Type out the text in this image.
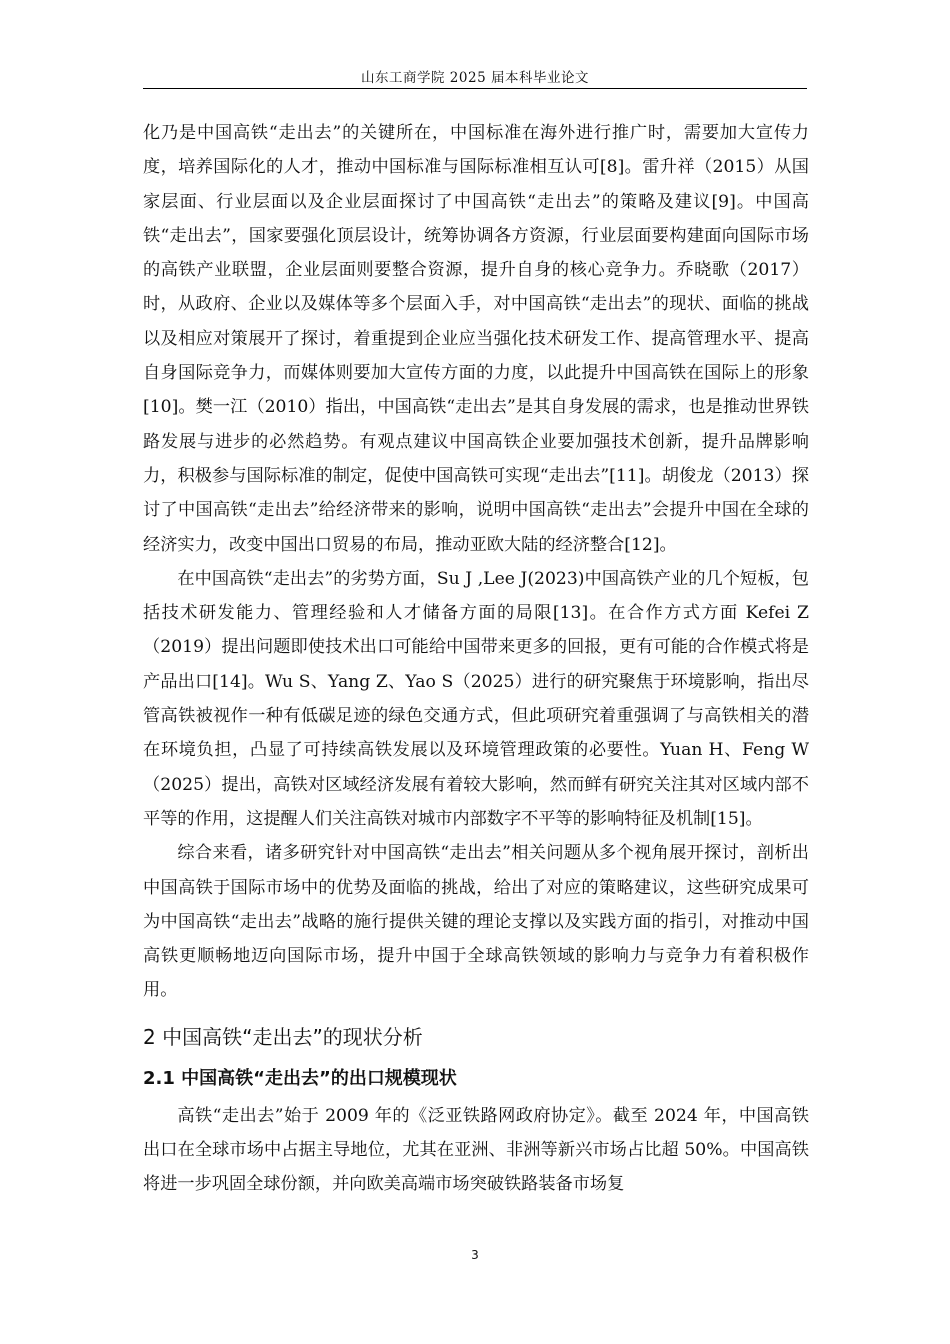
山东工商学院 2025 届本科毕业论文

化乃是中国高铁“走出去”的关键所在，中国标准在海外进行推广时，需要加大宣传力度，培养国际化的人才，推动中国标准与国际标准相互认可[8]。雷升祥（2015）从国家层面、行业层面以及企业层面探讨了中国高铁“走出去”的策略及建议[9]。中国高铁“走出去”，国家要强化顶层设计，统筹协调各方资源，行业层面要构建面向国际市场的高铁产业联盟，企业层面则要整合资源，提升自身的核心竞争力。乔晓歌（2017）时，从政府、企业以及媒体等多个层面入手，对中国高铁“走出去”的现状、面临的挑战以及相应对策展开了探讨，着重提到企业应当强化技术研发工作、提高管理水平、提高自身国际竞争力，而媒体则要加大宣传方面的力度，以此提升中国高铁在国际上的形象[10]。樊一江（2010）指出，中国高铁“走出去”是其自身发展的需求，也是推动世界铁路发展与进步的必然趋势。有观点建议中国高铁企业要加强技术创新，提升品牌影响力，积极参与国际标准的制定，促使中国高铁可实现“走出去”[11]。胡俊龙（2013）探讨了中国高铁“走出去”给经济带来的影响，说明中国高铁“走出去”会提升中国在全球的经济实力，改变中国出口贸易的布局，推动亚欧大陆的经济整合[12]。

在中国高铁“走出去”的劣势方面，Su J ,Lee J(2023)中国高铁产业的几个短板，包括技术研发能力、管理经验和人才储备方面的局限[13]。在合作方式方面 Kefei Z（2019）提出问题即使技术出口可能给中国带来更多的回报，更有可能的合作模式将是产品出口[14]。Wu S、Yang Z、Yao S（2025）进行的研究聚焦于环境影响，指出尽管高铁被视作一种有低碳足迹的绿色交通方式，但此项研究着重强调了与高铁相关的潜在环境负担，凸显了可持续高铁发展以及环境管理政策的必要性。Yuan H、Feng W（2025）提出，高铁对区域经济发展有着较大影响，然而鲜有研究关注其对区域内部不平等的作用，这提醒人们关注高铁对城市内部数字不平等的影响特征及机制[15]。

综合来看，诸多研究针对中国高铁“走出去”相关问题从多个视角展开探讨，剖析出中国高铁于国际市场中的优势及面临的挑战，给出了对应的策略建议，这些研究成果可为中国高铁“走出去”战略的施行提供关键的理论支撑以及实践方面的指引，对推动中国高铁更顺畅地迈向国际市场，提升中国于全球高铁领域的影响力与竞争力有着积极作用。

2 中国高铁“走出去”的现状分析
2.1 中国高铁“走出去”的出口规模现状

高铁“走出去”始于 2009 年的《泛亚铁路网政府协定》。截至 2024 年，中国高铁出口在全球市场中占据主导地位，尤其在亚洲、非洲等新兴市场占比超 50%。中国高铁将进一步巩固全球份额，并向欧美高端市场突破铁路装备市场复

3
